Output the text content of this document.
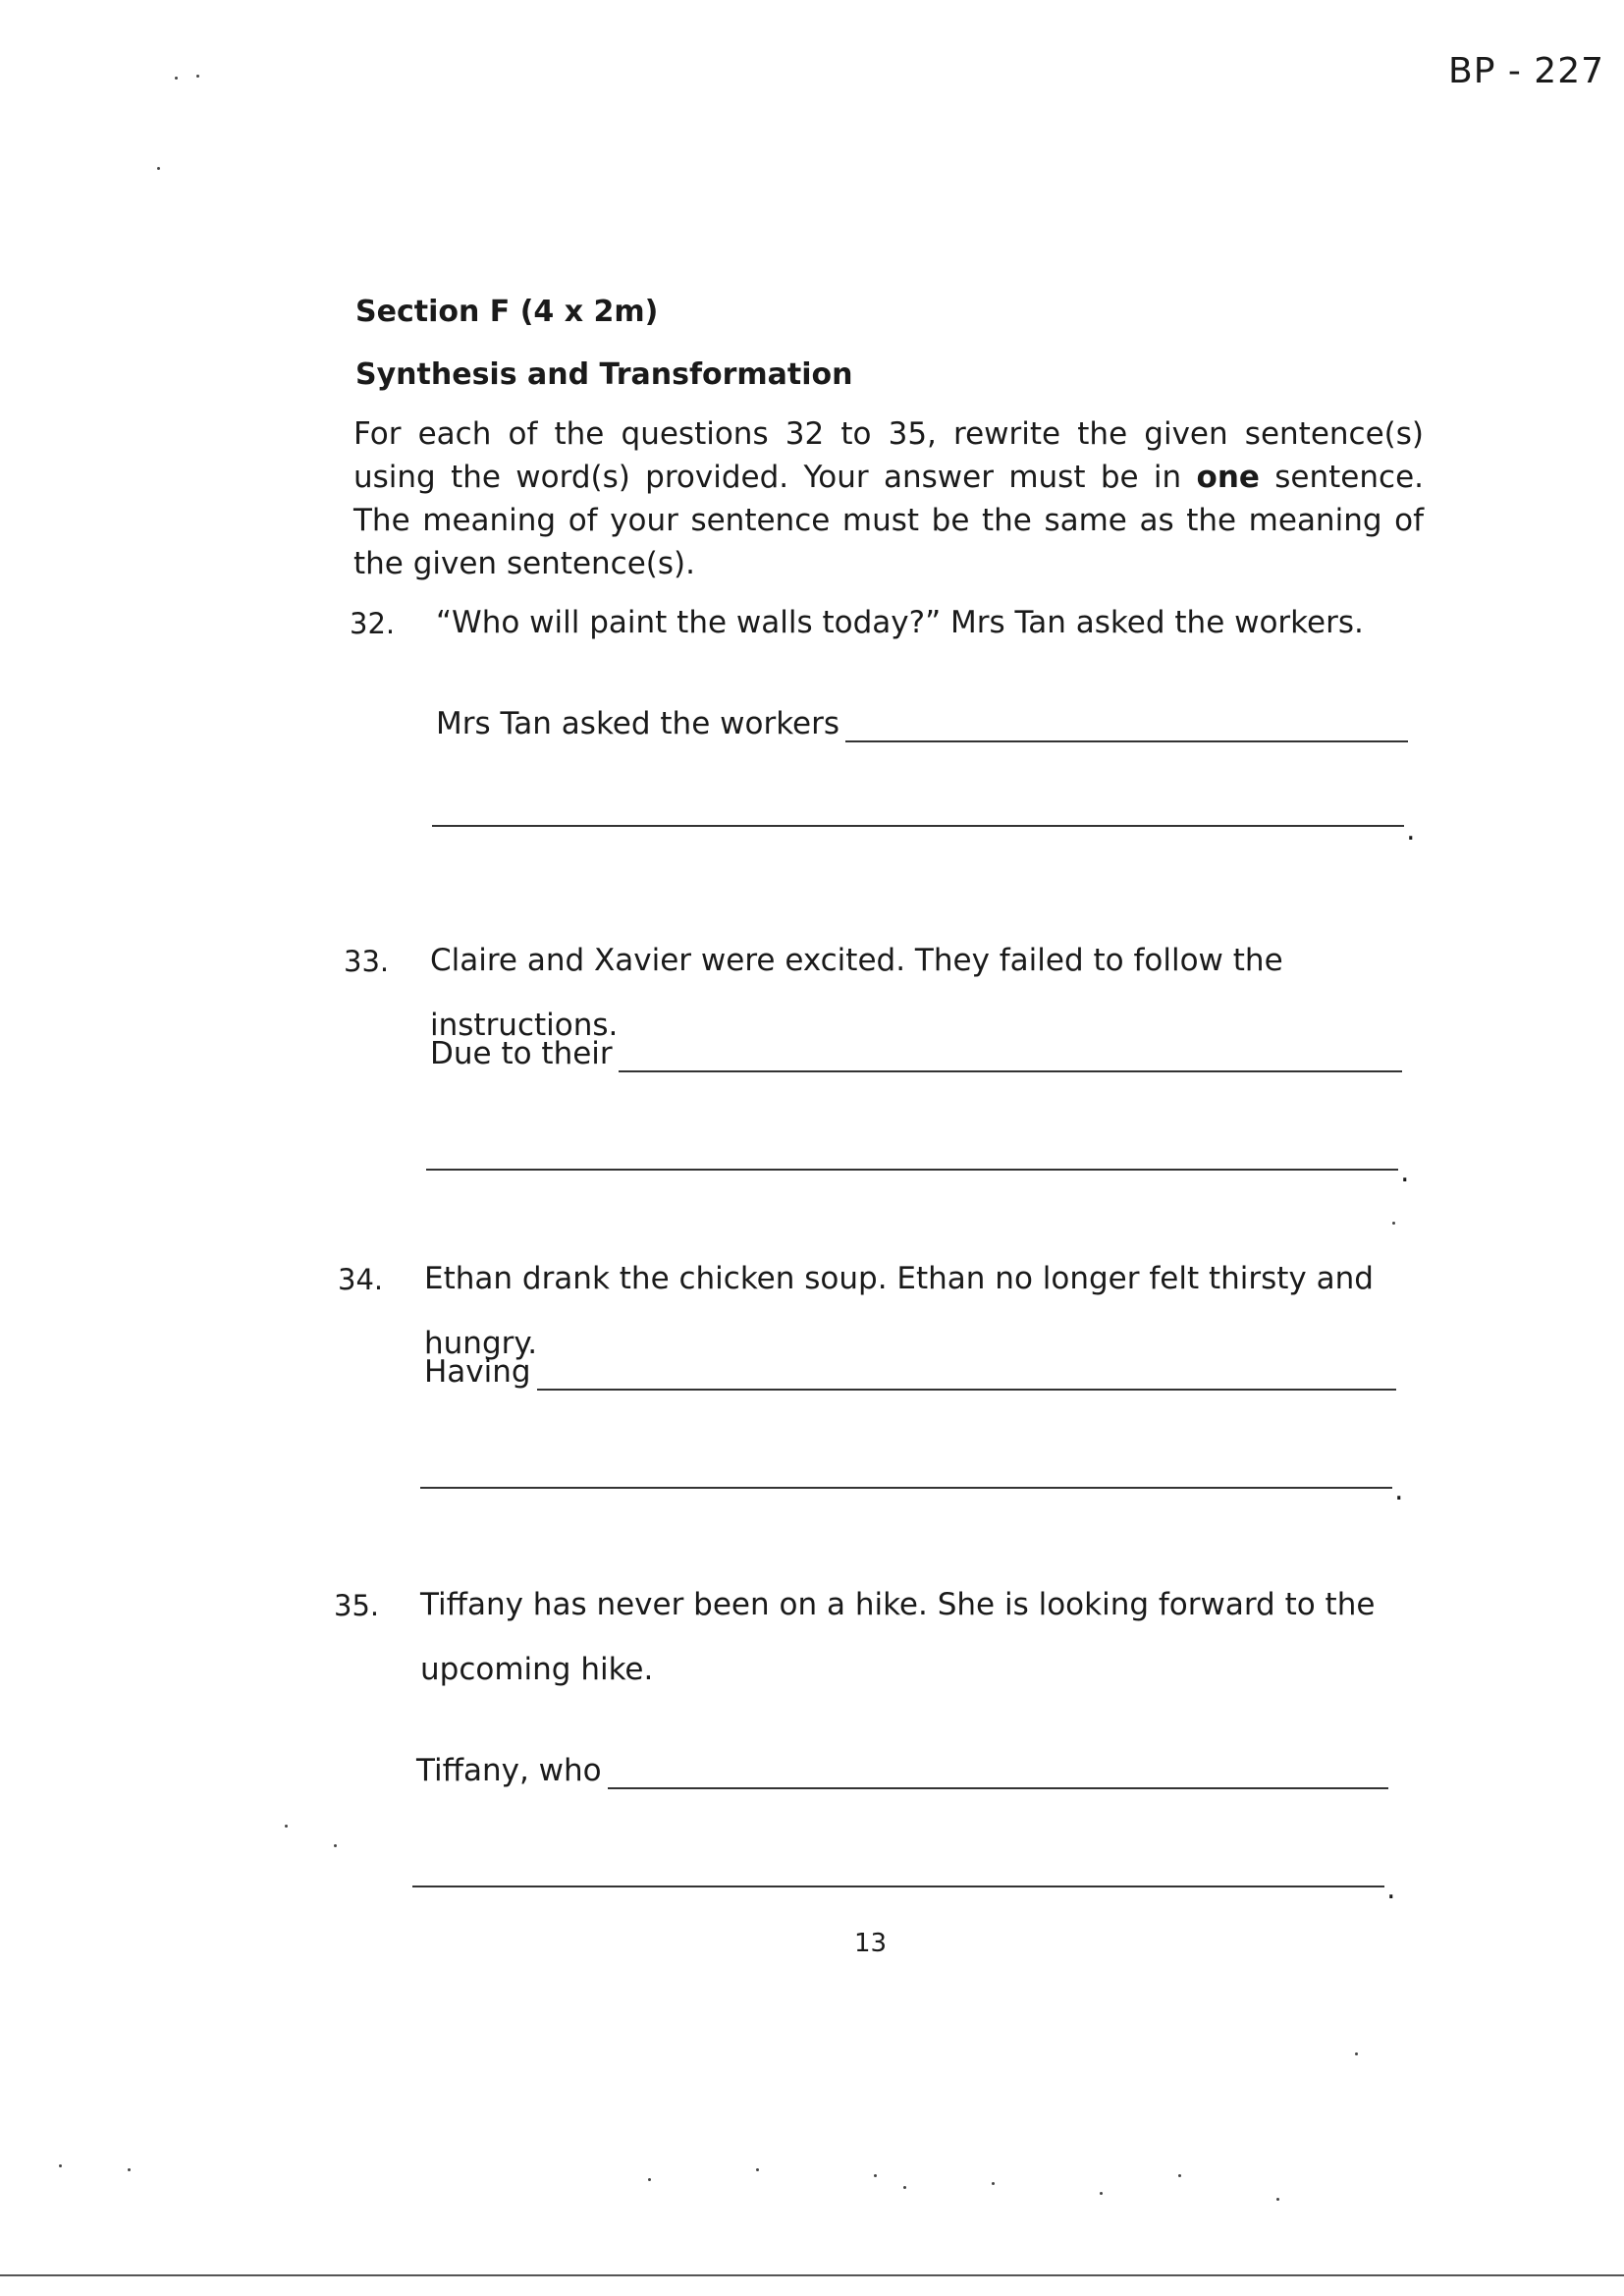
BP - 227
Section F (4 x 2m)
Synthesis and Transformation
For each of the questions 32 to 35, rewrite the given sentence(s) using the word(s) provided. Your answer must be in one sentence. The meaning of your sentence must be the same as the meaning of the given sentence(s).
32. “Who will paint the walls today?” Mrs Tan asked the workers.
Mrs Tan asked the workers
.
33. Claire and Xavier were excited. They failed to follow the instructions.
Due to their
.
34. Ethan drank the chicken soup. Ethan no longer felt thirsty and hungry.
Having
.
35. Tiffany has never been on a hike. She is looking forward to the upcoming hike.
Tiffany, who
.
13
